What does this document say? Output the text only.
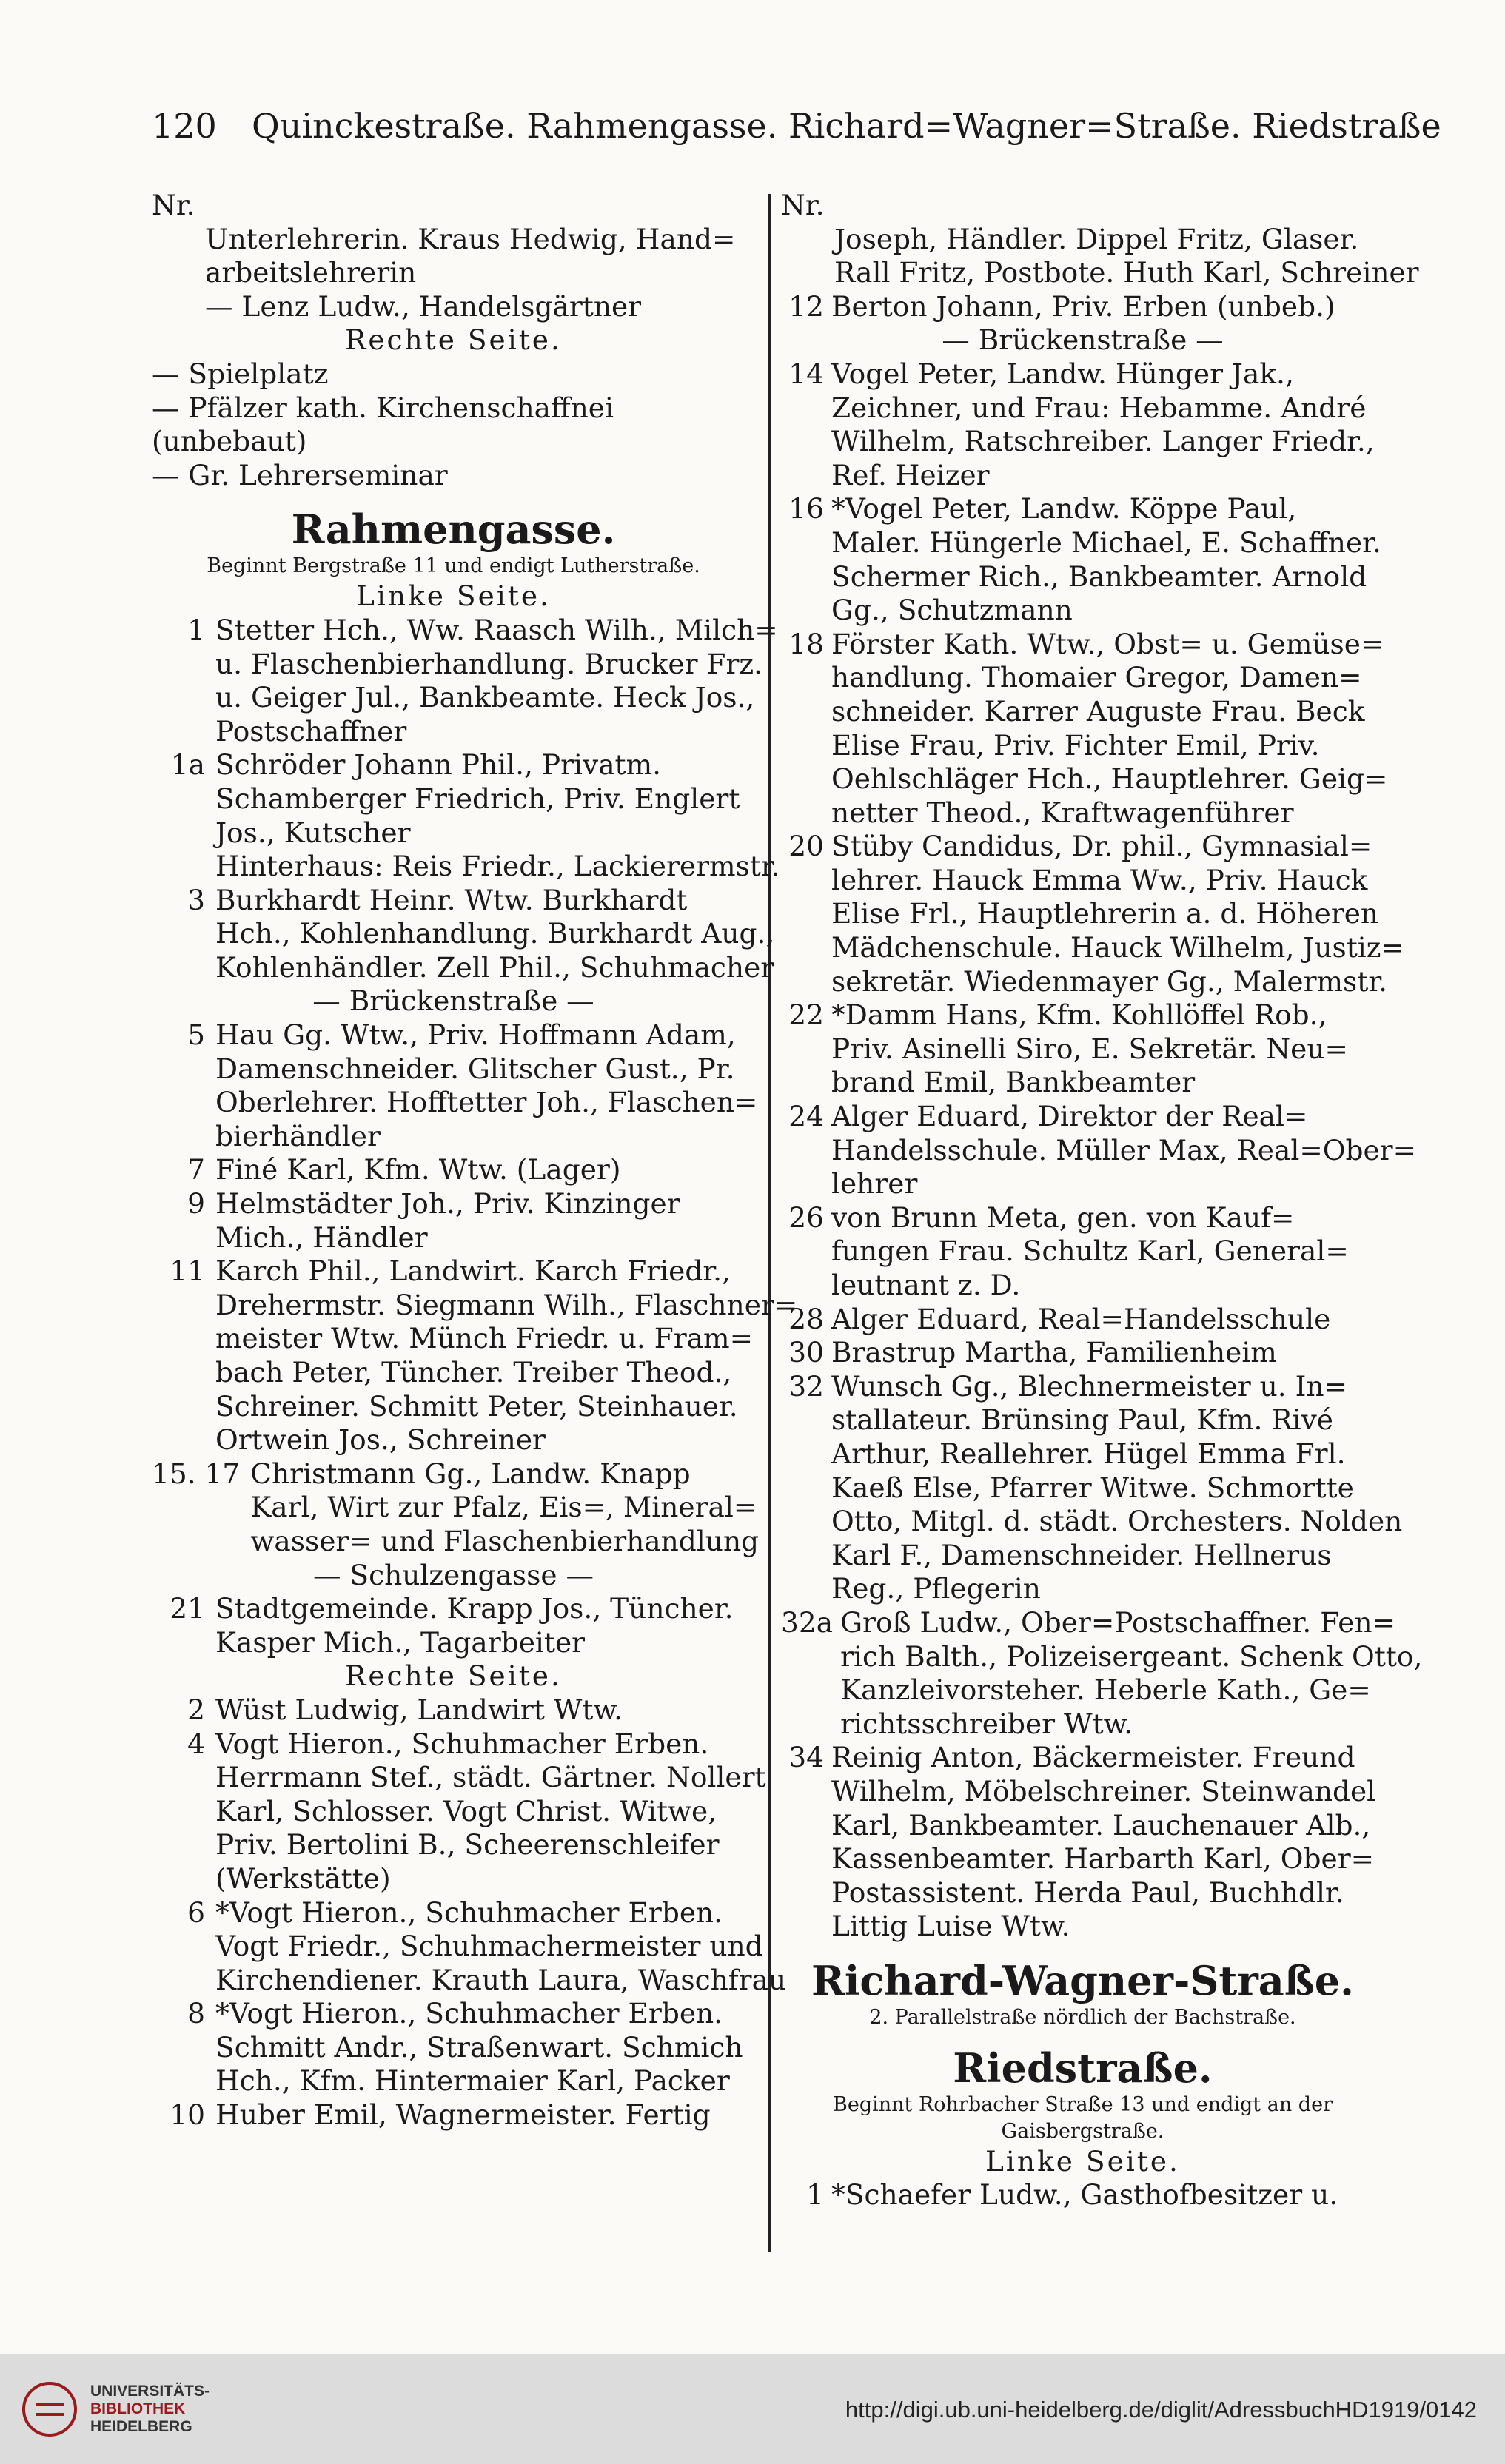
120 Quinckestraße. Rahmengasse. Richard=Wagner=Straße. Riedstraße
Nr.
Unterlehrerin. Kraus Hedwig, Hand=
arbeitslehrerin
— Lenz Ludw., Handelsgärtner
Rechte Seite.
— Spielplatz
— Pfälzer kath. Kirchenschaffnei
(unbebaut)
— Gr. Lehrerseminar
Rahmengasse.
Beginnt Bergstraße 11 und endigt Lutherstraße.
Linke Seite.
1 Stetter Hch., Ww. Raasch Wilh., Milch=
u. Flaschenbierhandlung. Brucker Frz.
u. Geiger Jul., Bankbeamte. Heck Jos.,
Postschaffner
1a Schröder Johann Phil., Privatm.
Schamberger Friedrich, Priv. Englert
Jos., Kutscher
Hinterhaus: Reis Friedr., Lackierermstr.
3 Burkhardt Heinr. Wtw. Burkhardt
Hch., Kohlenhandlung. Burkhardt Aug.,
Kohlenhändler. Zell Phil., Schuhmacher
— Brückenstraße —
5 Hau Gg. Wtw., Priv. Hoffmann Adam,
Damenschneider. Glitscher Gust., Pr.
Oberlehrer. Hofftetter Joh., Flaschen=
bierhändler
7 Finé Karl, Kfm. Wtw. (Lager)
9 Helmstädter Joh., Priv. Kinzinger
Mich., Händler
11 Karch Phil., Landwirt. Karch Friedr.,
Drehermstr. Siegmann Wilh., Flaschner=
meister Wtw. Münch Friedr. u. Fram=
bach Peter, Tüncher. Treiber Theod.,
Schreiner. Schmitt Peter, Steinhauer.
Ortwein Jos., Schreiner
15. 17 Christmann Gg., Landw. Knapp
Karl, Wirt zur Pfalz, Eis=, Mineral=
wasser= und Flaschenbierhandlung
— Schulzengasse —
21 Stadtgemeinde. Krapp Jos., Tüncher.
Kasper Mich., Tagarbeiter
Rechte Seite.
2 Wüst Ludwig, Landwirt Wtw.
4 Vogt Hieron., Schuhmacher Erben.
Herrmann Stef., städt. Gärtner. Nollert
Karl, Schlosser. Vogt Christ. Witwe,
Priv. Bertolini B., Scheerenschleifer
(Werkstätte)
6 *Vogt Hieron., Schuhmacher Erben.
Vogt Friedr., Schuhmachermeister und
Kirchendiener. Krauth Laura, Waschfrau
8 *Vogt Hieron., Schuhmacher Erben.
Schmitt Andr., Straßenwart. Schmich
Hch., Kfm. Hintermaier Karl, Packer
10 Huber Emil, Wagnermeister. Fertig
Nr.
Joseph, Händler. Dippel Fritz, Glaser.
Rall Fritz, Postbote. Huth Karl, Schreiner
12 Berton Johann, Priv. Erben (unbeb.)
— Brückenstraße —
14 Vogel Peter, Landw. Hünger Jak.,
Zeichner, und Frau: Hebamme. André
Wilhelm, Ratschreiber. Langer Friedr.,
Ref. Heizer
16 *Vogel Peter, Landw. Köppe Paul,
Maler. Hüngerle Michael, E. Schaffner.
Schermer Rich., Bankbeamter. Arnold
Gg., Schutzmann
18 Förster Kath. Wtw., Obst= u. Gemüse=
handlung. Thomaier Gregor, Damen=
schneider. Karrer Auguste Frau. Beck
Elise Frau, Priv. Fichter Emil, Priv.
Oehlschläger Hch., Hauptlehrer. Geig=
netter Theod., Kraftwagenführer
20 Stüby Candidus, Dr. phil., Gymnasial=
lehrer. Hauck Emma Ww., Priv. Hauck
Elise Frl., Hauptlehrerin a. d. Höheren
Mädchenschule. Hauck Wilhelm, Justiz=
sekretär. Wiedenmayer Gg., Malermstr.
22 *Damm Hans, Kfm. Kohllöffel Rob.,
Priv. Asinelli Siro, E. Sekretär. Neu=
brand Emil, Bankbeamter
24 Alger Eduard, Direktor der Real=
Handelsschule. Müller Max, Real=Ober=
lehrer
26 von Brunn Meta, gen. von Kauf=
fungen Frau. Schultz Karl, General=
leutnant z. D.
28 Alger Eduard, Real=Handelsschule
30 Brastrup Martha, Familienheim
32 Wunsch Gg., Blechnermeister u. In=
stallateur. Brünsing Paul, Kfm. Rivé
Arthur, Reallehrer. Hügel Emma Frl.
Kaeß Else, Pfarrer Witwe. Schmortte
Otto, Mitgl. d. städt. Orchesters. Nolden
Karl F., Damenschneider. Hellnerus
Reg., Pflegerin
32a Groß Ludw., Ober=Postschaffner. Fen=
rich Balth., Polizeisergeant. Schenk Otto,
Kanzleivorsteher. Heberle Kath., Ge=
richtsschreiber Wtw.
34 Reinig Anton, Bäckermeister. Freund
Wilhelm, Möbelschreiner. Steinwandel
Karl, Bankbeamter. Lauchenauer Alb.,
Kassenbeamter. Harbarth Karl, Ober=
Postassistent. Herda Paul, Buchhdlr.
Littig Luise Wtw.
Richard-Wagner-Straße.
2. Parallelstraße nördlich der Bachstraße.
Riedstraße.
Beginnt Rohrbacher Straße 13 und endigt an der
Gaisbergstraße.
Linke Seite.
1 *Schaefer Ludw., Gasthofbesitzer u.
UNIVERSITÄTS-
BIBLIOTHEK
HEIDELBERG
http://digi.ub.uni-heidelberg.de/diglit/AdressbuchHD1919/0142
